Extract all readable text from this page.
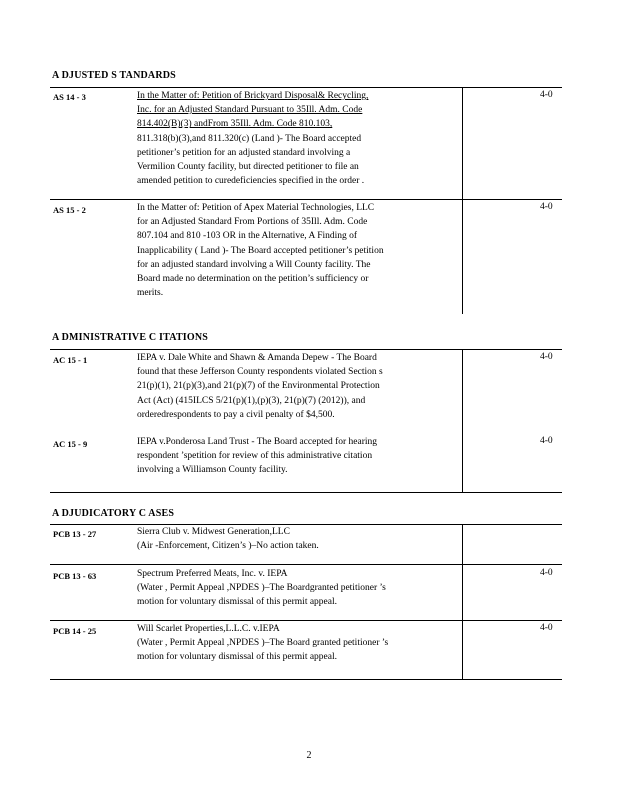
A DJUSTED S TANDARDS
AS 14 - 3	In the Matter of: Petition of Brickyard Disposal& Recycling,
Inc. for an Adjusted Standard Pursuant to 35Ill. Adm. Code
814.402(B)(3) andFrom 35Ill. Adm. Code 810.103,
811.318(b)(3),and 811.320(c) (Land )- The Board accepted
petitioner’s petition for an adjusted standard involving a
Vermilion County facility, but directed petitioner to file an
amended petition to curedeficiencies specified in the order .
4-0
AS 15 - 2	In the Matter of: Petition of Apex Material Technologies, LLC
for an Adjusted Standard From Portions of 35Ill. Adm. Code
807.104 and 810 -103 OR in the Alternative, A Finding of
Inapplicability ( Land )- The Board accepted petitioner’s petition
for an adjusted standard involving a Will County facility. The
Board made no determination on the petition’s sufficiency or
merits.
4-0
A DMINISTRATIVE C ITATIONS
AC 15 - 1	IEPA v. Dale White and Shawn & Amanda Depew - The Board
found that these Jefferson County respondents violated Section s
21(p)(1), 21(p)(3),and 21(p)(7) of the Environmental Protection
Act (Act) (415ILCS 5/21(p)(1),(p)(3), 21(p)(7) (2012)), and
orderedrespondents to pay a civil penalty of $4,500.
4-0
AC 15 - 9	IEPA v.Ponderosa Land Trust - The Board accepted for hearing
respondent ’spetition for review of this administrative citation
involving a Williamson County facility.
4-0
A DJUDICATORY C ASES
PCB 13 - 27	Sierra Club v. Midwest Generation,LLC
(Air -Enforcement, Citizen’s )–No action taken.
PCB 13 - 63	Spectrum Preferred Meats, Inc. v. IEPA
(Water , Permit Appeal ,NPDES )–The Boardgranted petitioner ’s
motion for voluntary dismissal of this permit appeal.
4-0
PCB 14 - 25	Will Scarlet Properties,L.L.C. v.IEPA
(Water , Permit Appeal ,NPDES )–The Board granted petitioner ’s
motion for voluntary dismissal of this permit appeal.
4-0
2
